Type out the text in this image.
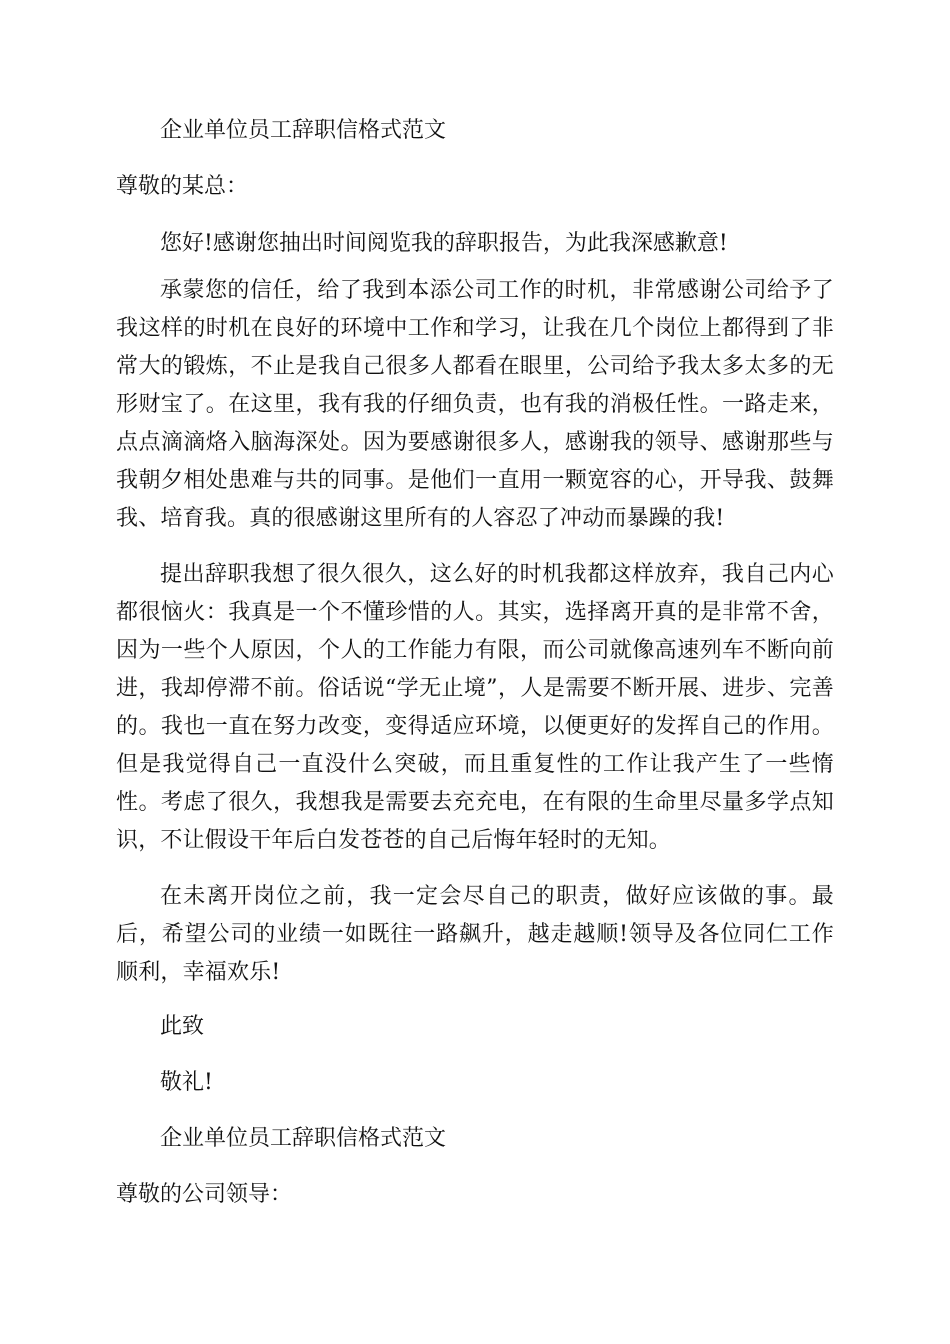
企业单位员工辞职信格式范文

尊敬的某总：

您好!感谢您抽出时间阅览我的辞职报告，为此我深感歉意!

承蒙您的信任，给了我到本添公司工作的时机，非常感谢公司给予了我这样的时机在良好的环境中工作和学习，让我在几个岗位上都得到了非常大的锻炼，不止是我自己很多人都看在眼里，公司给予我太多太多的无形财宝了。在这里，我有我的仔细负责，也有我的消极任性。一路走来，点点滴滴烙入脑海深处。因为要感谢很多人，感谢我的领导、感谢那些与我朝夕相处患难与共的同事。是他们一直用一颗宽容的心，开导我、鼓舞我、培育我。真的很感谢这里所有的人容忍了冲动而暴躁的我!

提出辞职我想了很久很久，这么好的时机我都这样放弃，我自己内心都很恼火：我真是一个不懂珍惜的人。其实，选择离开真的是非常不舍，因为一些个人原因，个人的工作能力有限，而公司就像高速列车不断向前进，我却停滞不前。俗话说“学无止境”，人是需要不断开展、进步、完善的。我也一直在努力改变，变得适应环境，以便更好的发挥自己的作用。但是我觉得自己一直没什么突破，而且重复性的工作让我产生了一些惰性。考虑了很久，我想我是需要去充充电，在有限的生命里尽量多学点知识，不让假设干年后白发苍苍的自己后悔年轻时的无知。

在未离开岗位之前，我一定会尽自己的职责，做好应该做的事。最后，希望公司的业绩一如既往一路飙升，越走越顺!领导及各位同仁工作顺利，幸福欢乐!

此致

敬礼!

企业单位员工辞职信格式范文

尊敬的公司领导：
